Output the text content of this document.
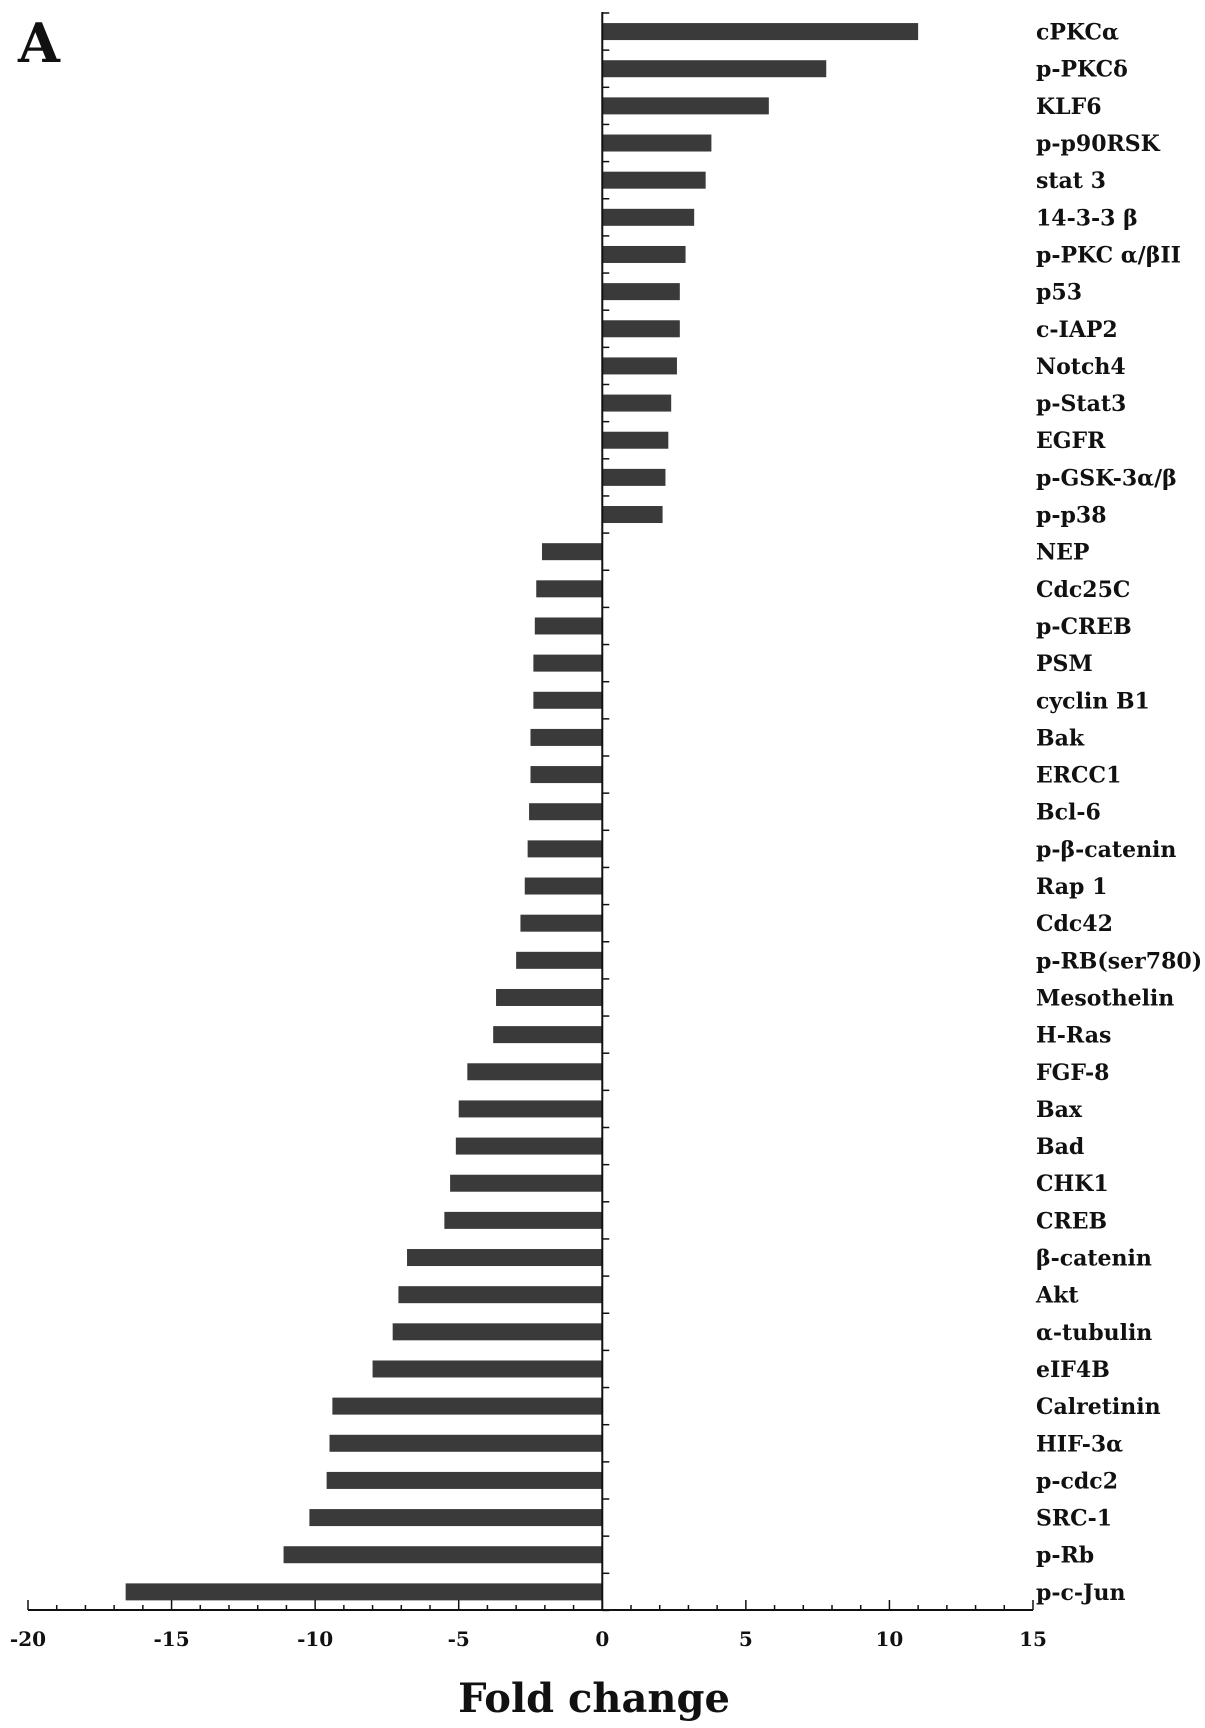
A
-20	-15	-10	-5	0	5	10	15
cPKCα
p-PKCδ
KLF6
p-p90RSK
stat 3
14-3-3 β
p-PKC α/βII
p53
c-IAP2
Notch4
p-Stat3
EGFR
p-GSK-3α/β
p-p38
NEP
Cdc25C
p-CREB
PSM
cyclin B1
Bak
ERCC1
Bcl-6
p-β-catenin
Rap 1
Cdc42
p-RB(ser780)
Mesothelin
H-Ras
FGF-8
Bax
Bad
CHK1
CREB
β-catenin
Akt
α-tubulin
eIF4B
Calretinin
HIF-3α
p-cdc2
SRC-1
p-Rb
p-c-Jun
Fold change
